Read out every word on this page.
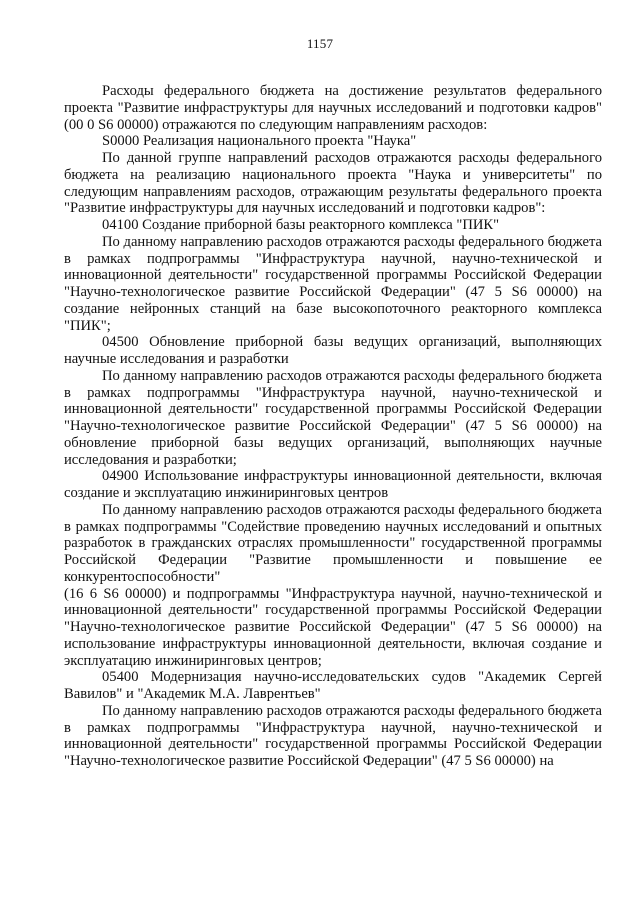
1157

Расходы федерального бюджета на достижение результатов федерального проекта "Развитие инфраструктуры для научных исследований и подготовки кадров" (00 0 S6 00000) отражаются по следующим направлениям расходов:

S0000 Реализация национального проекта "Наука"

По данной группе направлений расходов отражаются расходы федерального бюджета на реализацию национального проекта "Наука и университеты" по следующим направлениям расходов, отражающим результаты федерального проекта "Развитие инфраструктуры для научных исследований и подготовки кадров":

04100 Создание приборной базы реакторного комплекса "ПИК"

По данному направлению расходов отражаются расходы федерального бюджета в рамках подпрограммы "Инфраструктура научной, научно-технической и инновационной деятельности" государственной программы Российской Федерации "Научно-технологическое развитие Российской Федерации" (47 5 S6 00000) на создание нейронных станций на базе высокопоточного реакторного комплекса "ПИК";

04500 Обновление приборной базы ведущих организаций, выполняющих научные исследования и разработки

По данному направлению расходов отражаются расходы федерального бюджета в рамках подпрограммы "Инфраструктура научной, научно-технической и инновационной деятельности" государственной программы Российской Федерации "Научно-технологическое развитие Российской Федерации" (47 5 S6 00000) на обновление приборной базы ведущих организаций, выполняющих научные исследования и разработки;

04900 Использование инфраструктуры инновационной деятельности, включая создание и эксплуатацию инжиниринговых центров

По данному направлению расходов отражаются расходы федерального бюджета в рамках подпрограммы "Содействие проведению научных исследований и опытных разработок в гражданских отраслях промышленности" государственной программы Российской Федерации "Развитие промышленности и повышение ее конкурентоспособности"

(16 6 S6 00000) и подпрограммы "Инфраструктура научной, научно-технической и инновационной деятельности" государственной программы Российской Федерации "Научно-технологическое развитие Российской Федерации" (47 5 S6 00000) на использование инфраструктуры инновационной деятельности, включая создание и эксплуатацию инжиниринговых центров;

05400 Модернизация научно-исследовательских судов "Академик Сергей Вавилов" и "Академик М.А. Лаврентьев"

По данному направлению расходов отражаются расходы федерального бюджета в рамках подпрограммы "Инфраструктура научной, научно-технической и инновационной деятельности" государственной программы Российской Федерации "Научно-технологическое развитие Российской Федерации" (47 5 S6 00000) на
